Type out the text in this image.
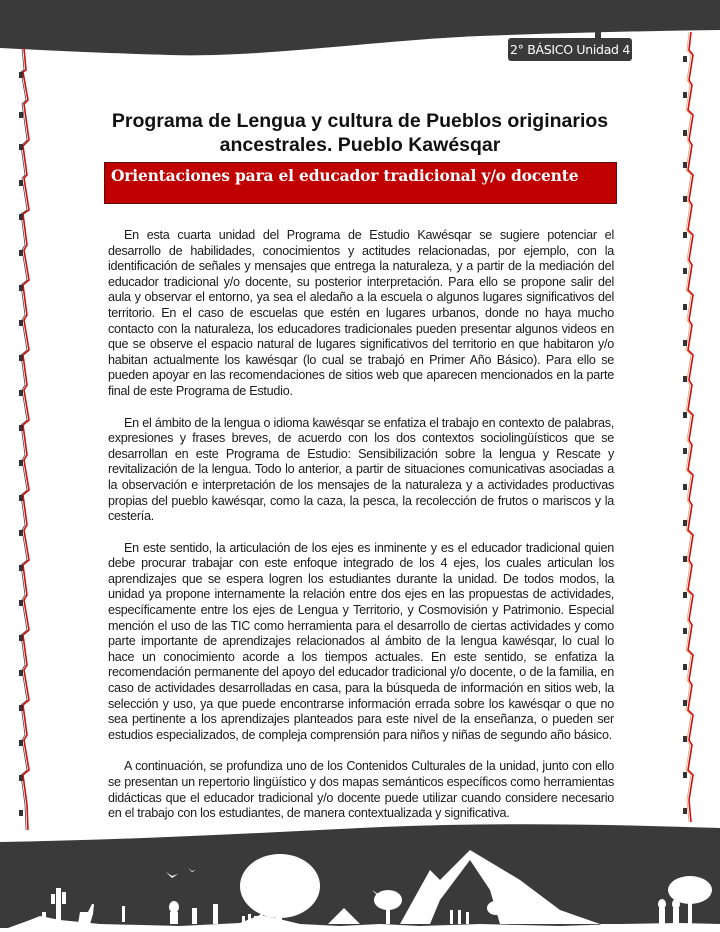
2° BÁSICO Unidad 4
Programa de Lengua y cultura de Pueblos originarios ancestrales. Pueblo Kawésqar
Orientaciones para el educador tradicional y/o docente

En esta cuarta unidad del Programa de Estudio Kawésqar se sugiere potenciar el desarrollo de habilidades, conocimientos y actitudes relacionadas, por ejemplo, con la identificación de señales y mensajes que entrega la naturaleza, y a partir de la mediación del educador tradicional y/o docente, su posterior interpretación. Para ello se propone salir del aula y observar el entorno, ya sea el aledaño a la escuela o algunos lugares significativos del territorio. En el caso de escuelas que estén en lugares urbanos, donde no haya mucho contacto con la naturaleza, los educadores tradicionales pueden presentar algunos videos en que se observe el espacio natural de lugares significativos del territorio en que habitaron y/o habitan actualmente los kawésqar (lo cual se trabajó en Primer Año Básico). Para ello se pueden apoyar en las recomendaciones de sitios web que aparecen mencionados en la parte final de este Programa de Estudio.

En el ámbito de la lengua o idioma kawésqar se enfatiza el trabajo en contexto de palabras, expresiones y frases breves, de acuerdo con los dos contextos sociolingüísticos que se desarrollan en este Programa de Estudio: Sensibilización sobre la lengua y Rescate y revitalización de la lengua. Todo lo anterior, a partir de situaciones comunicativas asociadas a la observación e interpretación de los mensajes de la naturaleza y a actividades productivas propias del pueblo kawésqar, como la caza, la pesca, la recolección de frutos o mariscos y la cestería.

En este sentido, la articulación de los ejes es inminente y es el educador tradicional quien debe procurar trabajar con este enfoque integrado de los 4 ejes, los cuales articulan los aprendizajes que se espera logren los estudiantes durante la unidad. De todos modos, la unidad ya propone internamente la relación entre dos ejes en las propuestas de actividades, específicamente entre los ejes de Lengua y Territorio, y Cosmovisión y Patrimonio. Especial mención el uso de las TIC como herramienta para el desarrollo de ciertas actividades y como parte importante de aprendizajes relacionados al ámbito de la lengua kawésqar, lo cual lo hace un conocimiento acorde a los tiempos actuales. En este sentido, se enfatiza la recomendación permanente del apoyo del educador tradicional y/o docente, o de la familia, en caso de actividades desarrolladas en casa, para la búsqueda de información en sitios web, la selección y uso, ya que puede encontrarse información errada sobre los kawésqar o que no sea pertinente a los aprendizajes planteados para este nivel de la enseñanza, o pueden ser estudios especializados, de compleja comprensión para niños y niñas de segundo año básico.

A continuación, se profundiza uno de los Contenidos Culturales de la unidad, junto con ello se presentan un repertorio lingüístico y dos mapas semánticos específicos como herramientas didácticas que el educador tradicional y/o docente puede utilizar cuando considere necesario en el trabajo con los estudiantes, de manera contextualizada y significativa.
